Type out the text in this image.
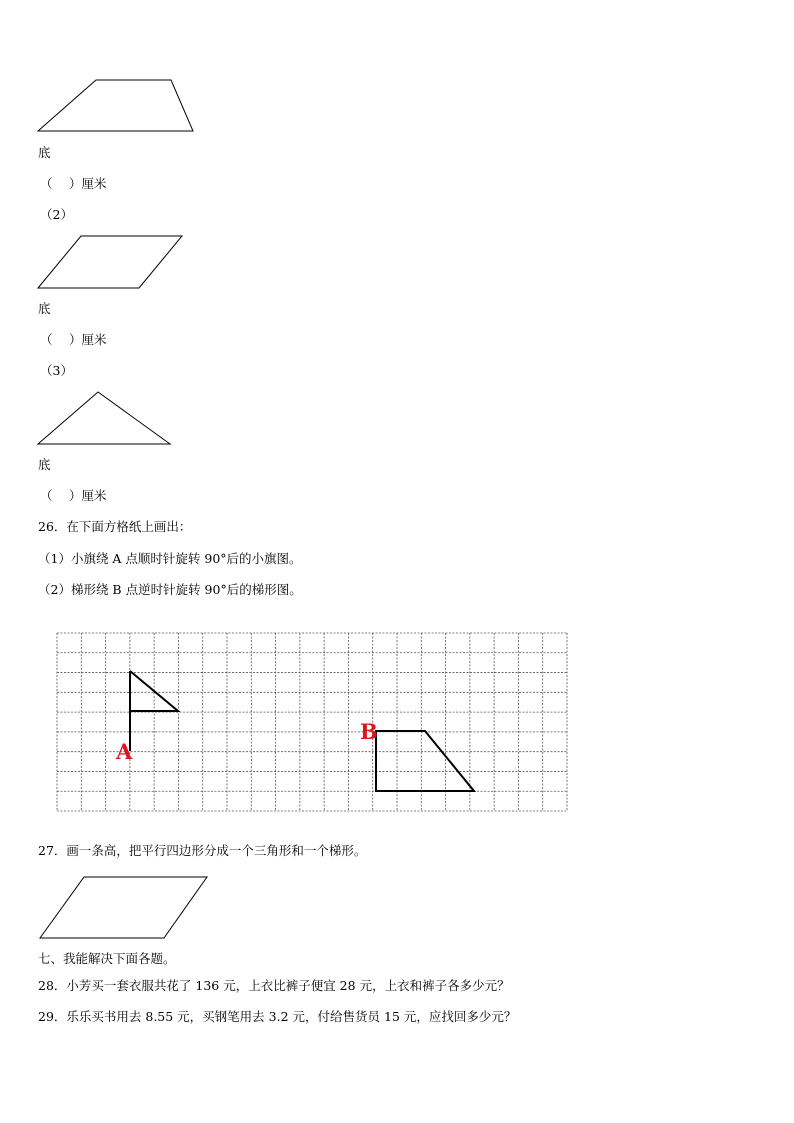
底
（　 ）厘米
（2）
底
（　 ）厘米
（3）
底
（　 ）厘米
26．在下面方格纸上画出：
（1）小旗绕 A 点顺时针旋转 90°后的小旗图。
（2）梯形绕 B 点逆时针旋转 90°后的梯形图。
A
B
27．画一条高，把平行四边形分成一个三角形和一个梯形。
七、我能解决下面各题。
28．小芳买一套衣服共花了 136 元，上衣比裤子便宜 28 元，上衣和裤子各多少元？
29．乐乐买书用去 8.55 元，买钢笔用去 3.2 元，付给售货员 15 元，应找回多少元？
